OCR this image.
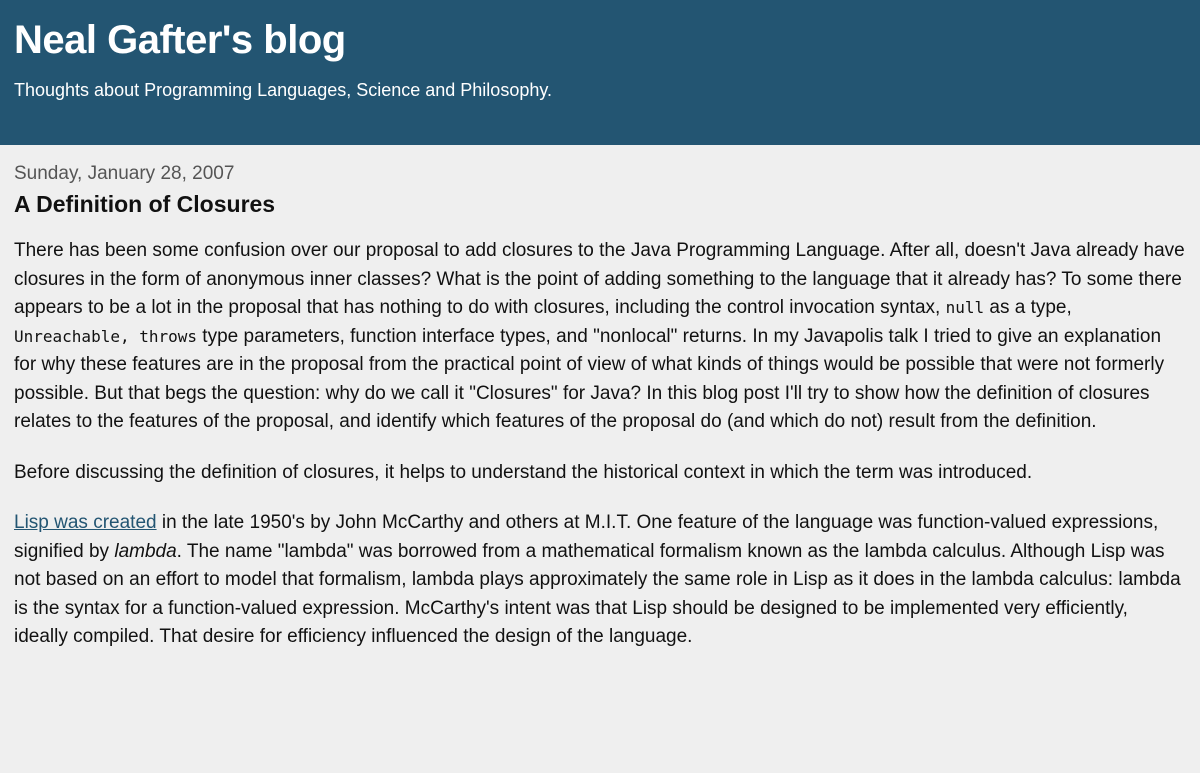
Neal Gafter's blog

Thoughts about Programming Languages, Science and Philosophy.

Sunday, January 28, 2007
A Definition of Closures

There has been some confusion over our proposal to add closures to the Java Programming Language. After all, doesn't Java already have closures in the form of anonymous inner classes? What is the point of adding something to the language that it already has? To some there appears to be a lot in the proposal that has nothing to do with closures, including the control invocation syntax, null as a type, Unreachable, throws type parameters, function interface types, and "nonlocal" returns. In my Javapolis talk I tried to give an explanation for why these features are in the proposal from the practical point of view of what kinds of things would be possible that were not formerly possible. But that begs the question: why do we call it "Closures" for Java? In this blog post I'll try to show how the definition of closures relates to the features of the proposal, and identify which features of the proposal do (and which do not) result from the definition.

Before discussing the definition of closures, it helps to understand the historical context in which the term was introduced.

Lisp was created in the late 1950's by John McCarthy and others at M.I.T. One feature of the language was function-valued expressions, signified by lambda. The name "lambda" was borrowed from a mathematical formalism known as the lambda calculus. Although Lisp was not based on an effort to model that formalism, lambda plays approximately the same role in Lisp as it does in the lambda calculus: lambda is the syntax for a function-valued expression. McCarthy's intent was that Lisp should be designed to be implemented very efficiently, ideally compiled. That desire for efficiency influenced the design of the language.
